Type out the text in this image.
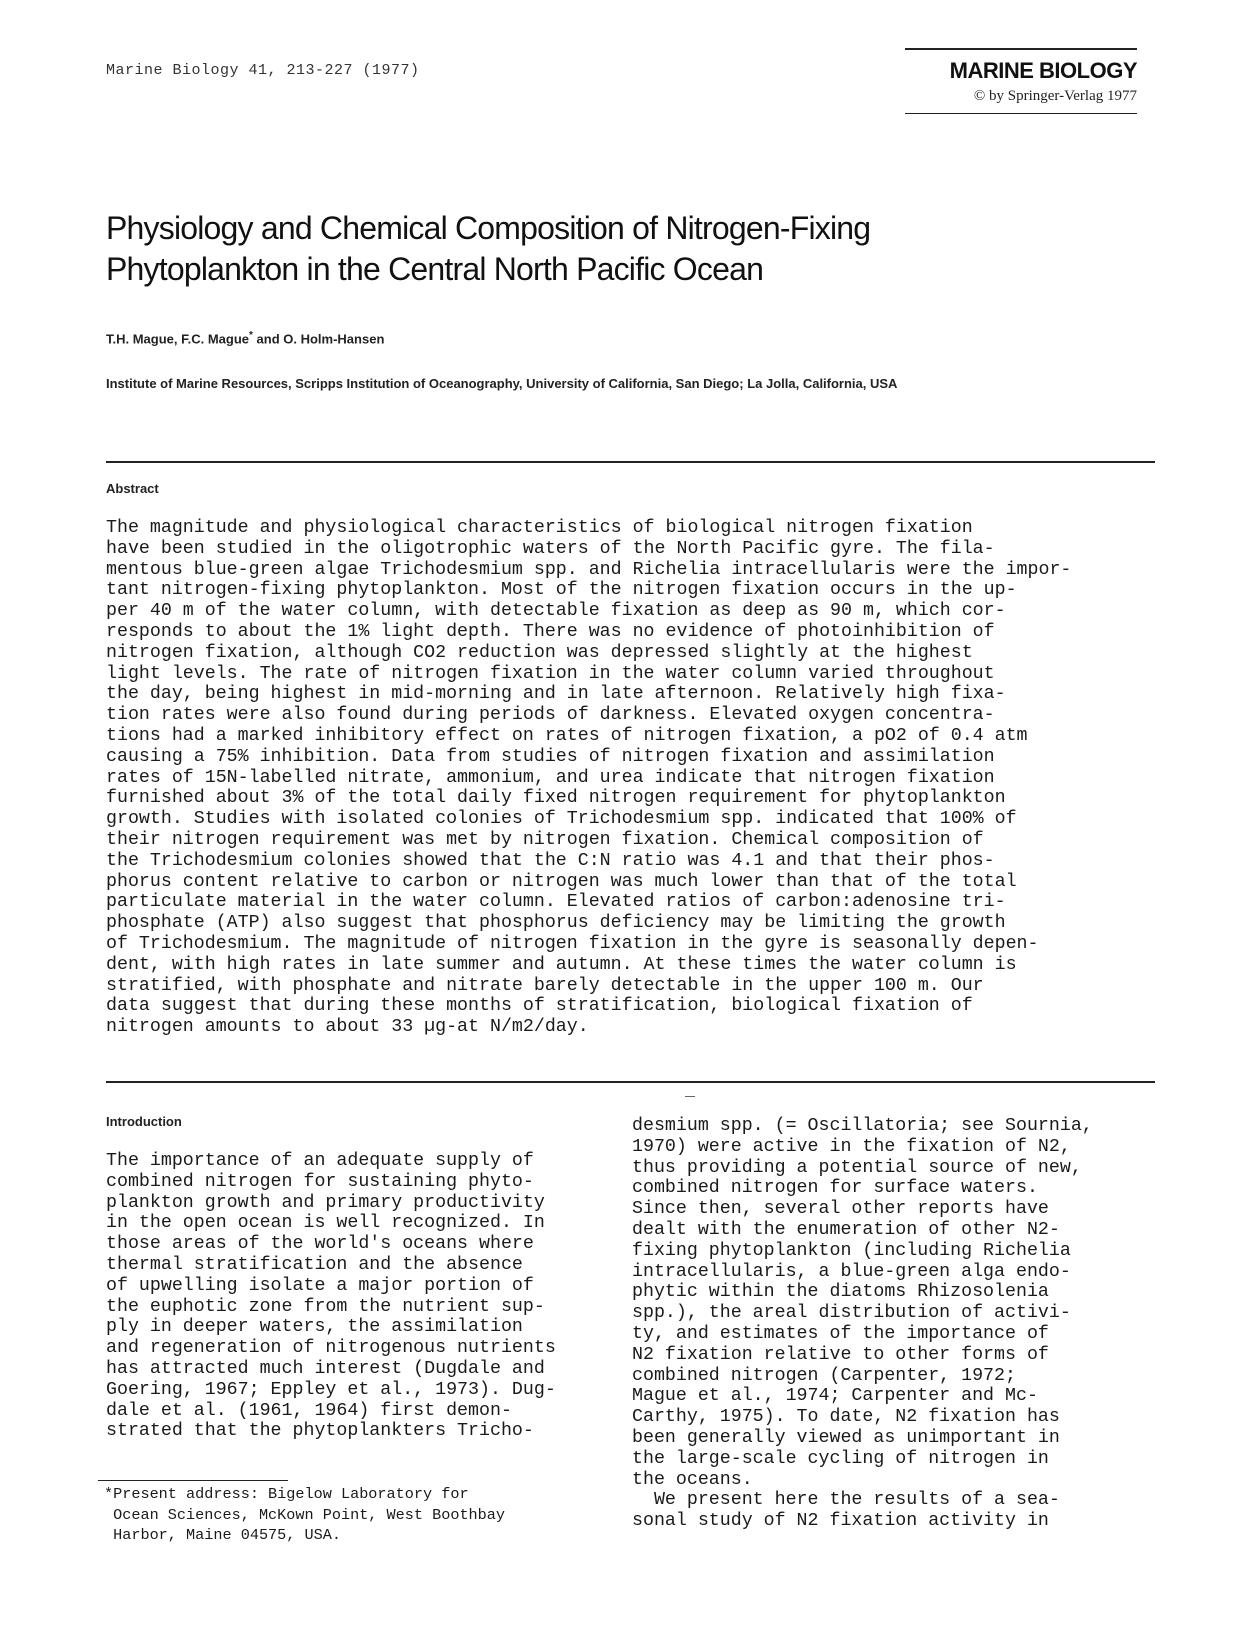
Marine Biology 41, 213-227 (1977)	MARINE BIOLOGY
© by Springer-Verlag 1977
Physiology and Chemical Composition of Nitrogen-Fixing
Phytoplankton in the Central North Pacific Ocean
T.H. Mague, F.C. Mague* and O. Holm-Hansen
Institute of Marine Resources, Scripps Institution of Oceanography, University of California, San Diego; La Jolla, California, USA
Abstract
The magnitude and physiological characteristics of biological nitrogen fixation
have been studied in the oligotrophic waters of the North Pacific gyre. The fila-
mentous blue-green algae Trichodesmium spp. and Richelia intracellularis were the impor-
tant nitrogen-fixing phytoplankton. Most of the nitrogen fixation occurs in the up-
per 40 m of the water column, with detectable fixation as deep as 90 m, which cor-
responds to about the 1% light depth. There was no evidence of photoinhibition of
nitrogen fixation, although CO2 reduction was depressed slightly at the highest
light levels. The rate of nitrogen fixation in the water column varied throughout
the day, being highest in mid-morning and in late afternoon. Relatively high fixa-
tion rates were also found during periods of darkness. Elevated oxygen concentra-
tions had a marked inhibitory effect on rates of nitrogen fixation, a pO2 of 0.4 atm
causing a 75% inhibition. Data from studies of nitrogen fixation and assimilation
rates of 15N-labelled nitrate, ammonium, and urea indicate that nitrogen fixation
furnished about 3% of the total daily fixed nitrogen requirement for phytoplankton
growth. Studies with isolated colonies of Trichodesmium spp. indicated that 100% of
their nitrogen requirement was met by nitrogen fixation. Chemical composition of
the Trichodesmium colonies showed that the C:N ratio was 4.1 and that their phos-
phorus content relative to carbon or nitrogen was much lower than that of the total
particulate material in the water column. Elevated ratios of carbon:adenosine tri-
phosphate (ATP) also suggest that phosphorus deficiency may be limiting the growth
of Trichodesmium. The magnitude of nitrogen fixation in the gyre is seasonally depen-
dent, with high rates in late summer and autumn. At these times the water column is
stratified, with phosphate and nitrate barely detectable in the upper 100 m. Our
data suggest that during these months of stratification, biological fixation of
nitrogen amounts to about 33 µg-at N/m2/day.
Introduction
The importance of an adequate supply of
combined nitrogen for sustaining phyto-
plankton growth and primary productivity
in the open ocean is well recognized. In
those areas of the world's oceans where
thermal stratification and the absence
of upwelling isolate a major portion of
the euphotic zone from the nutrient sup-
ply in deeper waters, the assimilation
and regeneration of nitrogenous nutrients
has attracted much interest (Dugdale and
Goering, 1967; Eppley et al., 1973). Dug-
dale et al. (1961, 1964) first demon-
strated that the phytoplankters Tricho-
desmium spp. (= Oscillatoria; see Sournia,
1970) were active in the fixation of N2,
thus providing a potential source of new,
combined nitrogen for surface waters.
Since then, several other reports have
dealt with the enumeration of other N2-
fixing phytoplankton (including Richelia
intracellularis, a blue-green alga endo-
phytic within the diatoms Rhizosolenia
spp.), the areal distribution of activi-
ty, and estimates of the importance of
N2 fixation relative to other forms of
combined nitrogen (Carpenter, 1972;
Mague et al., 1974; Carpenter and Mc-
Carthy, 1975). To date, N2 fixation has
been generally viewed as unimportant in
the large-scale cycling of nitrogen in
the oceans.
We present here the results of a sea-
sonal study of N2 fixation activity in
*Present address: Bigelow Laboratory for
Ocean Sciences, McKown Point, West Boothbay
Harbor, Maine 04575, USA.
